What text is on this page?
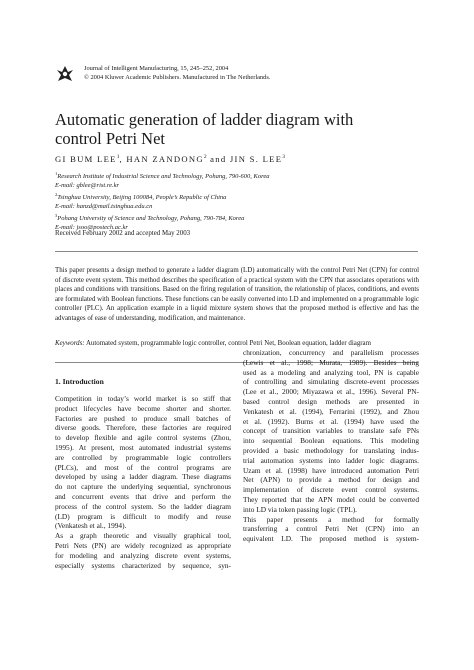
Journal of Intelligent Manufacturing, 15, 245–252, 2004
© 2004 Kluwer Academic Publishers. Manufactured in The Netherlands.
Automatic generation of ladder diagram with
control Petri Net
GI BUM LEE$^1$, HAN ZANDONG$^2$ and JIN S. LEE$^3$
$^1$Research Institute of Industrial Science and Technology, Pohang, 790-600, Korea
E-mail: gblee@rist.re.kr
$^2$Tsinghua University, Beijing 100084, People’s Republic of China
E-mail: hanzd@mail.tsinghua.edu.cn
$^3$Pohang University of Science and Technology, Pohang, 790-784, Korea
E-mail: jsoo@postech.ac.kr
Received February 2002 and accepted May 2003
This paper presents a design method to generate a ladder diagram (LD) automatically with the control Petri Net (CPN) for control of discrete event system. This method describes the specification of a practical system with the CPN that associates operations with places and conditions with transitions. Based on the firing regulation of transition, the relationship of places, conditions, and events are formulated with Boolean functions. These functions can be easily converted into LD and implemented on a programmable logic controller (PLC). An application example in a liquid mixture system shows that the proposed method is effective and has the advantages of ease of understanding, modification, and maintenance.
Keywords: Automated system, programmable logic controller, control Petri Net, Boolean equation, ladder diagram
1. Introduction
Competition in today’s world market is so stiff that
product lifecycles have become shorter and shorter.
Factories are pushed to produce small batches of
diverse goods. Therefore, these factories are required
to develop flexible and agile control systems (Zhou,
1995). At present, most automated industrial systems
are controlled by programmable logic controllers
(PLCs), and most of the control programs are
developed by using a ladder diagram. These diagrams
do not capture the underlying sequential, synchronous
and concurrent events that drive and perform the
process of the control system. So the ladder diagram
(LD) program is difficult to modify and reuse
(Venkatesh et al., 1994).
As a graph theoretic and visually graphical tool,
Petri Nets (PN) are widely recognized as appropriate
for modeling and analyzing discrete event systems,
especially systems characterized by sequence, syn-
chronization, concurrency and parallelism processes
(Lewis et al., 1998; Murata, 1989). Besides being
used as a modeling and analyzing tool, PN is capable
of controlling and simulating discrete-event processes
(Lee et al., 2000; Miyazawa et al., 1996). Several PN-
based control design methods are presented in
Venkatesh et al. (1994), Ferrarini (1992), and Zhou
et al. (1992). Burns et al. (1994) have used the
concept of transition variables to translate safe PNs
into sequential Boolean equations. This modeling
provided a basic methodology for translating indus-
trial automation systems into ladder logic diagrams.
Uzam et al. (1998) have introduced automation Petri
Net (APN) to provide a method for design and
implementation of discrete event control systems.
They reported that the APN model could be converted
into LD via token passing logic (TPL).
This paper presents a method for formally
transferring a control Petri Net (CPN) into an
equivalent LD. The proposed method is system-
